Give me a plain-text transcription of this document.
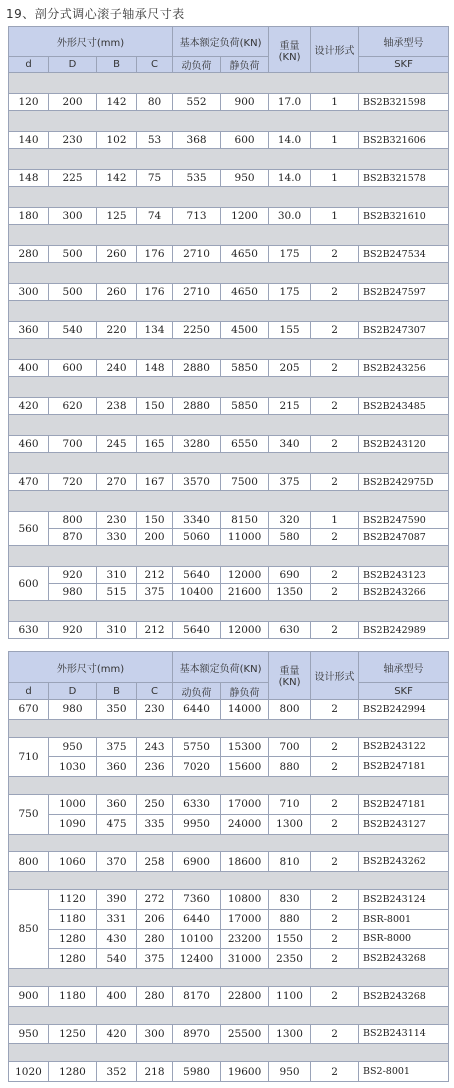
19、剖分式调心滚子轴承尺寸表
外形尺寸(mm)				基本额定负荷(KN)		重量
(KN)	设计形式	轴承型号
d	D	B	C	动负荷	静负荷			SKF

120	200	142	80	552	900	17.0	1	BS2B321598

140	230	102	53	368	600	14.0	1	BS2B321606

148	225	142	75	535	950	14.0	1	BS2B321578

180	300	125	74	713	1200	30.0	1	BS2B321610

280	500	260	176	2710	4650	175	2	BS2B247534

300	500	260	176	2710	4650	175	2	BS2B247597

360	540	220	134	2250	4500	155	2	BS2B247307

400	600	240	148	2880	5850	205	2	BS2B243256

420	620	238	150	2880	5850	215	2	BS2B243485

460	700	245	165	3280	6550	340	2	BS2B243120

470	720	270	167	3570	7500	375	2	BS2B242975D

560	800	230	150	3340	8150	320	1	BS2B247590
	870	330	200	5060	11000	580	2	BS2B247087

600	920	310	212	5640	12000	690	2	BS2B243123
	980	515	375	10400	21600	1350	2	BS2B243266

630	920	310	212	5640	12000	630	2	BS2B242989
外形尺寸(mm)				基本额定负荷(KN)		重量
(KN)	设计形式	轴承型号
d	D	B	C	动负荷	静负荷			SKF
670	980	350	230	6440	14000	800	2	BS2B242994

710	950	375	243	5750	15300	700	2	BS2B243122
	1030	360	236	7020	15600	880	2	BS2B247181

750	1000	360	250	6330	17000	710	2	BS2B247181
	1090	475	335	9950	24000	1300	2	BS2B243127

800	1060	370	258	6900	18600	810	2	BS2B243262

850	1120	390	272	7360	10800	830	2	BS2B243124
	1180	331	206	6440	17000	880	2	BSR-8001
	1280	430	280	10100	23200	1550	2	BSR-8000
	1280	540	375	12400	31000	2350	2	BS2B243268

900	1180	400	280	8170	22800	1100	2	BS2B243268

950	1250	420	300	8970	25500	1300	2	BS2B243114

1020	1280	352	218	5980	19600	950	2	BS2-8001
